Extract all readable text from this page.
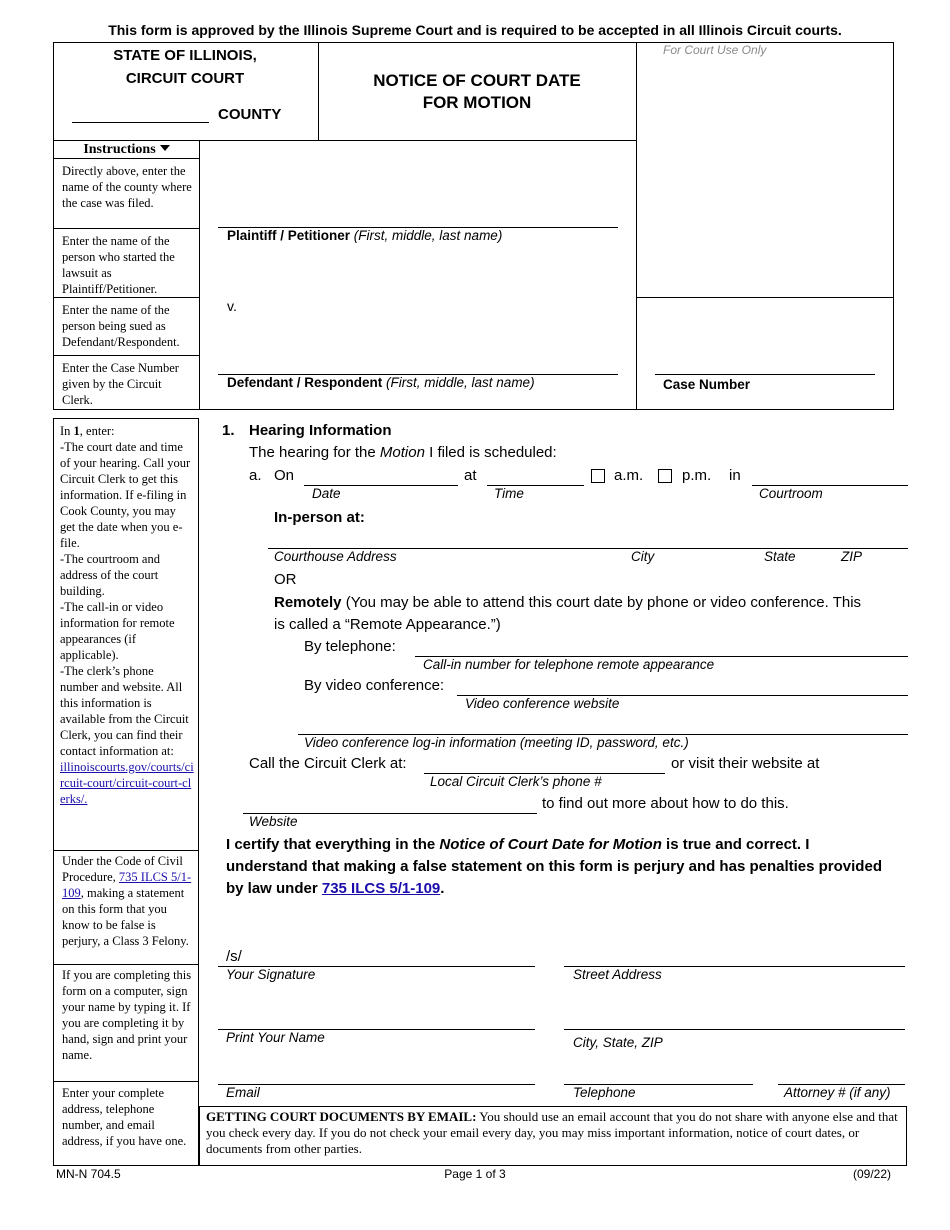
This form is approved by the Illinois Supreme Court and is required to be accepted in all Illinois Circuit courts.
STATE OF ILLINOIS,
CIRCUIT COURT
COUNTY
NOTICE OF COURT DATE
FOR MOTION
For Court Use Only
Instructions
Directly above, enter the name of the county where the case was filed.
Enter the name of the person who started the lawsuit as Plaintiff/Petitioner.
Enter the name of the person being sued as Defendant/Respondent.
Enter the Case Number given by the Circuit Clerk.
Plaintiff / Petitioner (First, middle, last name)
v.
Defendant / Respondent (First, middle, last name)	Case Number
In 1, enter:
-The court date and time of your hearing. Call your Circuit Clerk to get this information. If e-filing in Cook County, you may get the date when you e-file.
-The courtroom and address of the court building.
-The call-in or video information for remote appearances (if applicable).
-The clerk’s phone number and website. All this information is available from the Circuit Clerk, you can find their contact information at:
illinoiscourts.gov/courts/circuit-court/circuit-court-clerks/.
Under the Code of Civil Procedure, 735 ILCS 5/1-109, making a statement on this form that you know to be false is perjury, a Class 3 Felony.
If you are completing this form on a computer, sign your name by typing it. If you are completing it by hand, sign and print your name.
Enter your complete address, telephone number, and email address, if you have one.
1. Hearing Information
The hearing for the Motion I filed is scheduled:
a. On
Date
at
Time
a.m.	p.m. in
Courtroom
In-person at:
Courthouse Address	City	State	ZIP
OR
Remotely (You may be able to attend this court date by phone or video conference. This
is called a “Remote Appearance.”)
By telephone:
Call-in number for telephone remote appearance
By video conference:
Video conference website
Video conference log-in information (meeting ID, password, etc.)
Call the Circuit Clerk at:
Local Circuit Clerk’s phone #
or visit their website at
Website
to find out more about how to do this.
I certify that everything in the Notice of Court Date for Motion is true and correct. I
understand that making a false statement on this form is perjury and has penalties provided
by law under 735 ILCS 5/1-109.
/s/
Your Signature	Street Address
Print Your Name	City, State, ZIP
Email	Telephone	Attorney # (if any)
GETTING COURT DOCUMENTS BY EMAIL: You should use an email account that you do not share with anyone else and that you check every day. If you do not check your email every day, you may miss important information, notice of court dates, or documents from other parties.
MN-N 704.5	Page 1 of 3	(09/22)
